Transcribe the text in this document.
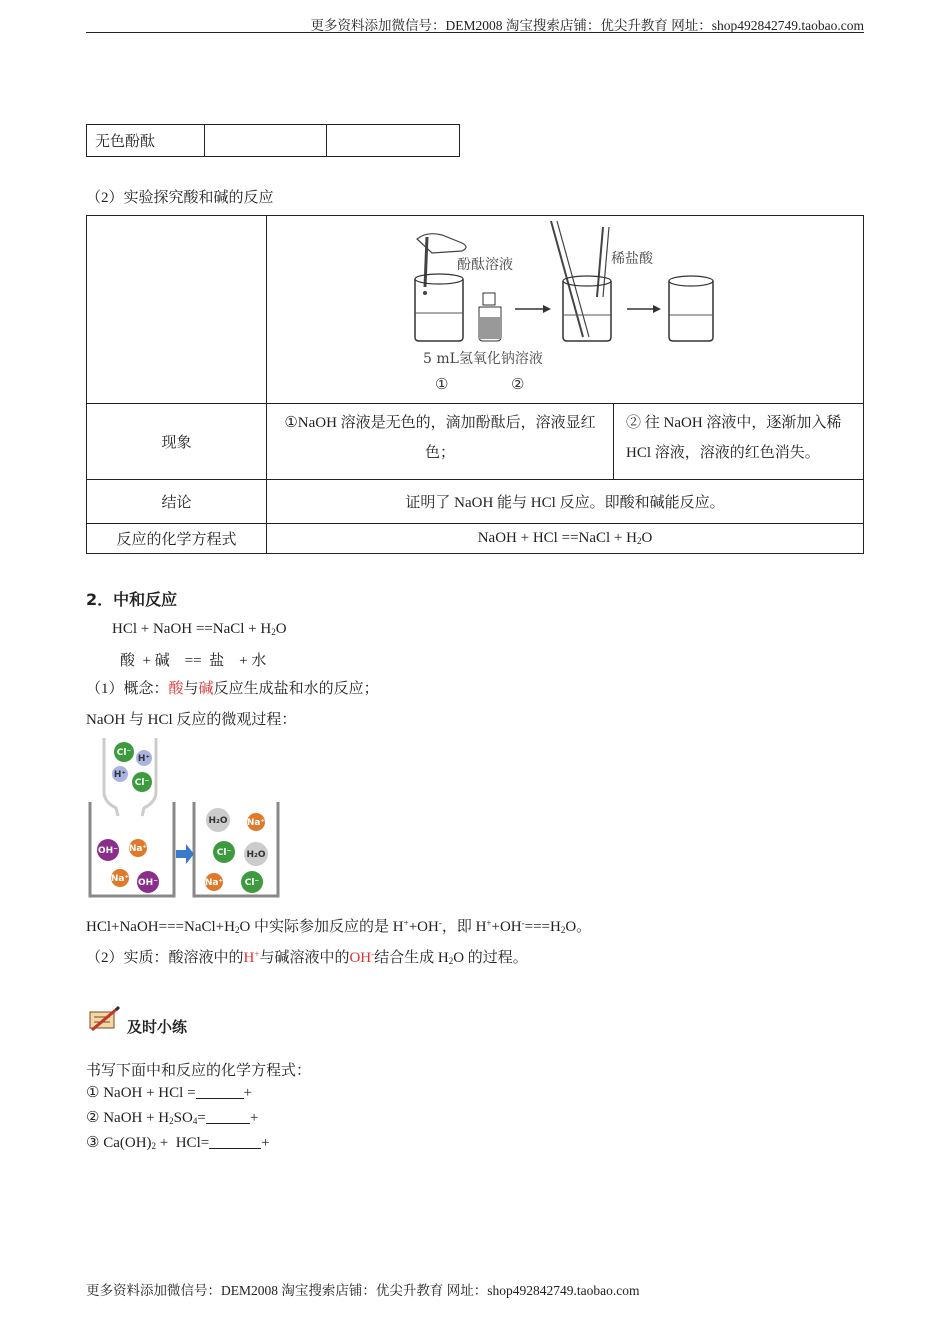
更多资料添加微信号：DEM2008 淘宝搜索店铺：优尖升教育 网址：shop492842749.taobao.com
无色酚酞		
（2）实验探究酸和碱的反应

酚酞溶液 稀盐酸
5 mL氢氧化钠溶液
① ②	

现象	①NaOH 溶液是无色的，滴加酚酞后，溶液显红色；	② 往 NaOH 溶液中，逐渐加入稀 HCl 溶液，溶液的红色消失。
结论	证明了 NaOH 能与 HCl 反应。即酸和碱能反应。	
反应的化学方程式	NaOH + HCl ==NaCl + $H_2O$	
2．中和反应
HCl + NaOH ==NaCl + $H_2O$
酸  + 碱    ==  盐    + 水
（1）概念：酸与碱反应生成盐和水的反应；
NaOH 与 HCl 反应的微观过程：
Cl⁻
H⁺
H⁺
Cl⁻
OH⁻ Na⁺
Na⁺ OH⁻
H₂O Na⁺
Cl⁻ H₂O
Na⁺ Cl⁻
$HCl+NaOH===NaCl+H_2O$ 中实际参加反应的是 H++OH-，即 $H^++OH^-===H_2O$。
（2）实质：酸溶液中的H+与碱溶液中的OH-结合生成 $H_2O$ 的过程。
及时小练
书写下面中和反应的化学方程式：
① NaOH + HCl =	+
② NaOH + $H_2SO_4=$	+
③ $Ca(OH)_2 + HCl=$	+
更多资料添加微信号：DEM2008 淘宝搜索店铺：优尖升教育 网址：shop492842749.taobao.com
